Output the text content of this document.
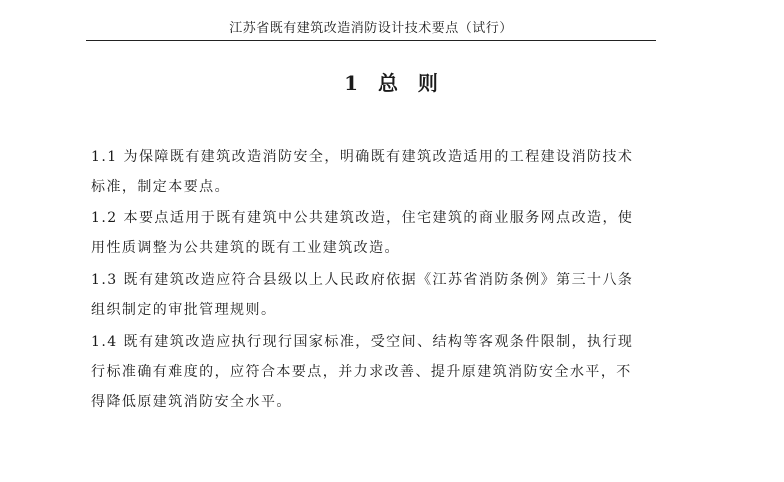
江苏省既有建筑改造消防设计技术要点（试行）
1  总  则
1.1 为保障既有建筑改造消防安全，明确既有建筑改造适用的工程建设消防技术
标准，制定本要点。
1.2 本要点适用于既有建筑中公共建筑改造，住宅建筑的商业服务网点改造，使
用性质调整为公共建筑的既有工业建筑改造。
1.3 既有建筑改造应符合县级以上人民政府依据《江苏省消防条例》第三十八条
组织制定的审批管理规则。
1.4 既有建筑改造应执行现行国家标准，受空间、结构等客观条件限制，执行现
行标准确有难度的，应符合本要点，并力求改善、提升原建筑消防安全水平，不
得降低原建筑消防安全水平。
